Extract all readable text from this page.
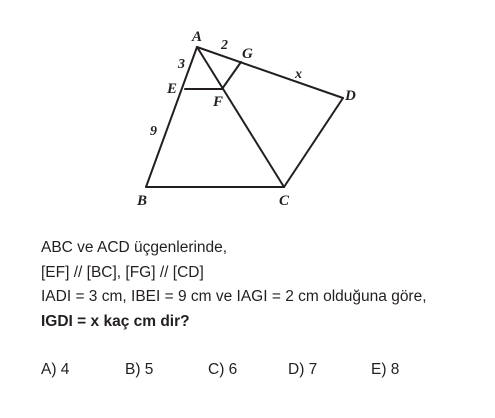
A
B	C
D
E
F
G
3
2
x
9
ABC ve ACD üçgenlerinde,
[EF] // [BC], [FG] // [CD]
IADI = 3 cm, IBEI = 9 cm ve IAGI = 2 cm olduğuna göre,
IGDI = x kaç cm dir?
A) 4	B) 5	C) 6	D) 7	E) 8
